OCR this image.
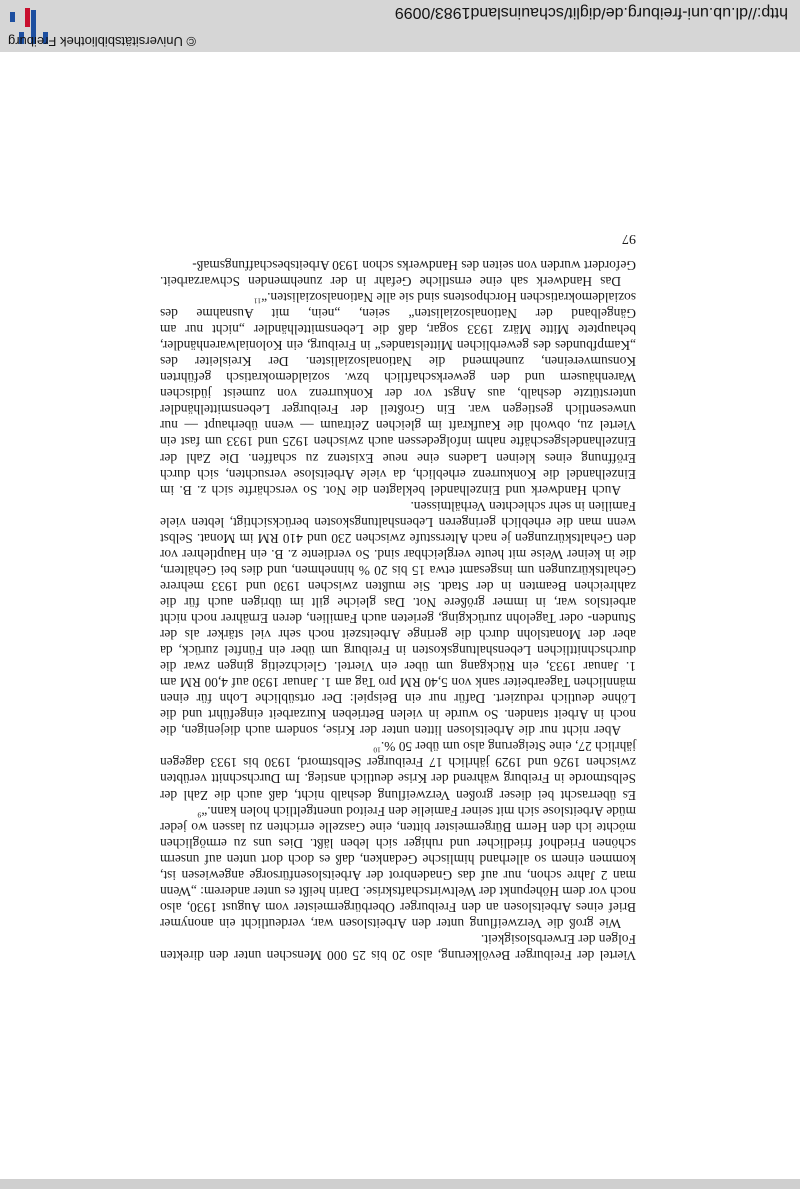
© Universitätsbibliothek Freiburg
http://dl.ub.uni-freiburg.de/diglit/schauinsland1983/0099

Viertel der Freiburger Bevölkerung, also 20 bis 25 000 Menschen unter den direkten Folgen der Erwerbslosigkeit.

Wie groß die Verzweiflung unter den Arbeitslosen war, verdeutlicht ein anonymer Brief eines Arbeitslosen an den Freiburger Oberbürgermeister vom August 1930, also noch vor dem Höhepunkt der Weltwirtschaftskrise. Darin heißt es unter anderem: „Wenn man 2 Jahre schon, nur auf das Gnadenbrot der Arbeitslosenfürsorge angewiesen ist, kommen einem so allerhand himlische Gedanken, daß es doch dort unten auf unserm schönen Friedhof friedlicher und ruhiger sich leben läßt. Dies uns zu ermöglichen möchte ich den Herrn Bürgermeister bitten, eine Gaszelle errichten zu lassen wo jeder müde Arbeitslose sich mit seiner Famielie den Freitod unentgeltlich holen kann.“$^9$

Es überrascht bei dieser großen Verzweiflung deshalb nicht, daß auch die Zahl der Selbstmorde in Freiburg während der Krise deutlich anstieg. Im Durchschnitt verübten zwischen 1926 und 1929 jährlich 17 Freiburger Selbstmord, 1930 bis 1933 dagegen jährlich 27, eine Steigerung also um über 50 %.$^{10}$

Aber nicht nur die Arbeitslosen litten unter der Krise, sondern auch diejenigen, die noch in Arbeit standen. So wurde in vielen Betrieben Kurzarbeit eingeführt und die Löhne deutlich reduziert. Dafür nur ein Beispiel: Der ortsübliche Lohn für einen männlichen Tagearbeiter sank von 5,40 RM pro Tag am 1. Januar 1930 auf 4,00 RM am 1. Januar 1933, ein Rückgang um über ein Viertel. Gleichzeitig gingen zwar die durchschnittlichen Lebenshaltungskosten in Freiburg um über ein Fünftel zurück, da aber der Monatslohn durch die geringe Arbeitszeit noch sehr viel stärker als der Stunden- oder Tagelohn zurückging, gerieten auch Familien, deren Ernährer noch nicht arbeitslos war, in immer größere Not. Das gleiche gilt im übrigen auch für die zahlreichen Beamten in der Stadt. Sie mußten zwischen 1930 und 1933 mehrere Gehaltskürzungen um insgesamt etwa 15 bis 20 % hinnehmen, und dies bei Gehältern, die in keiner Weise mit heute vergleichbar sind. So verdiente z. B. ein Hauptlehrer vor den Gehaltskürzungen je nach Altersstufe zwischen 230 und 410 RM im Monat. Selbst wenn man die erheblich geringeren Lebenshaltungskosten berücksichtigt, lebten viele Familien in sehr schlechten Verhältnissen.

Auch Handwerk und Einzelhandel beklagten die Not. So verschärfte sich z. B. im Einzelhandel die Konkurrenz erheblich, da viele Arbeitslose versuchten, sich durch Eröffnung eines kleinen Ladens eine neue Existenz zu schaffen. Die Zahl der Einzelhandelsgeschäfte nahm infolgedessen auch zwischen 1925 und 1933 um fast ein Viertel zu, obwohl die Kaufkraft im gleichen Zeitraum — wenn überhaupt — nur unwesentlich gestiegen war. Ein Großteil der Freiburger Lebensmittelhändler unterstützte deshalb, aus Angst vor der Konkurrenz von zumeist jüdischen Warenhäusern und den gewerkschaftlich bzw. sozialdemokratisch geführten Konsumvereinen, zunehmend die Nationalsozialisten. Der Kreisleiter des „Kampfbundes des gewerblichen Mittelstandes“ in Freiburg, ein Kolonialwarenhändler, behauptete Mitte März 1933 sogar, daß die Lebensmittelhändler „nicht nur am Gängelband der Nationalsozialisten“ seien, „nein, mit Ausnahme des sozialdemokratischen Horchpostens sind sie alle Nationalsozialisten.“$^{11}$

Das Handwerk sah eine ernstliche Gefahr in der zunehmenden Schwarzarbeit. Gefordert wurden von seiten des Handwerks schon 1930 Arbeitsbeschaffungsmaß-

97
